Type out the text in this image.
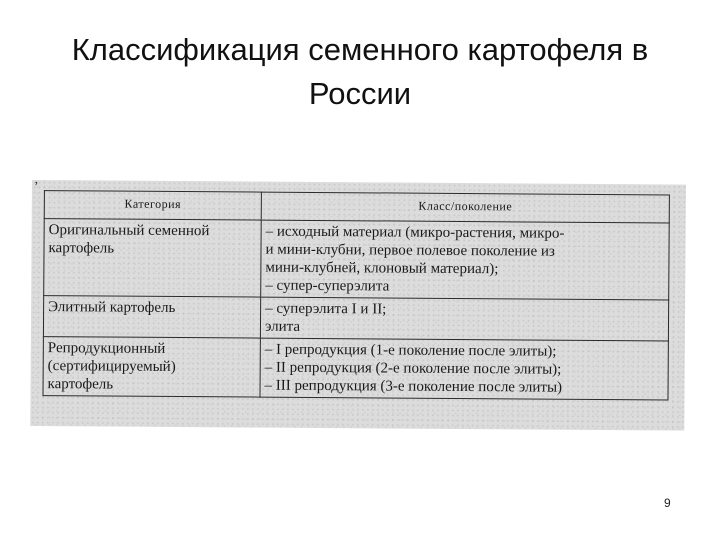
Классификация семенного картофеля в
России
ʼ
Категория	Класс/поколение

Оригинальный семенной
картофель	– исходный материал (микро-растения, микро-
и мини-клубни, первое полевое поколение из
мини-клубней, клоновый материал);
– супер-суперэлита

Элитный картофель	– суперэлита I и II;
элита

Репродукционный
(сертифицируемый)
картофель	– I репродукция (1-е поколение после элиты);
– II репродукция (2-е поколение после элиты);
– III репродукция (3-е поколение после элиты)
9
